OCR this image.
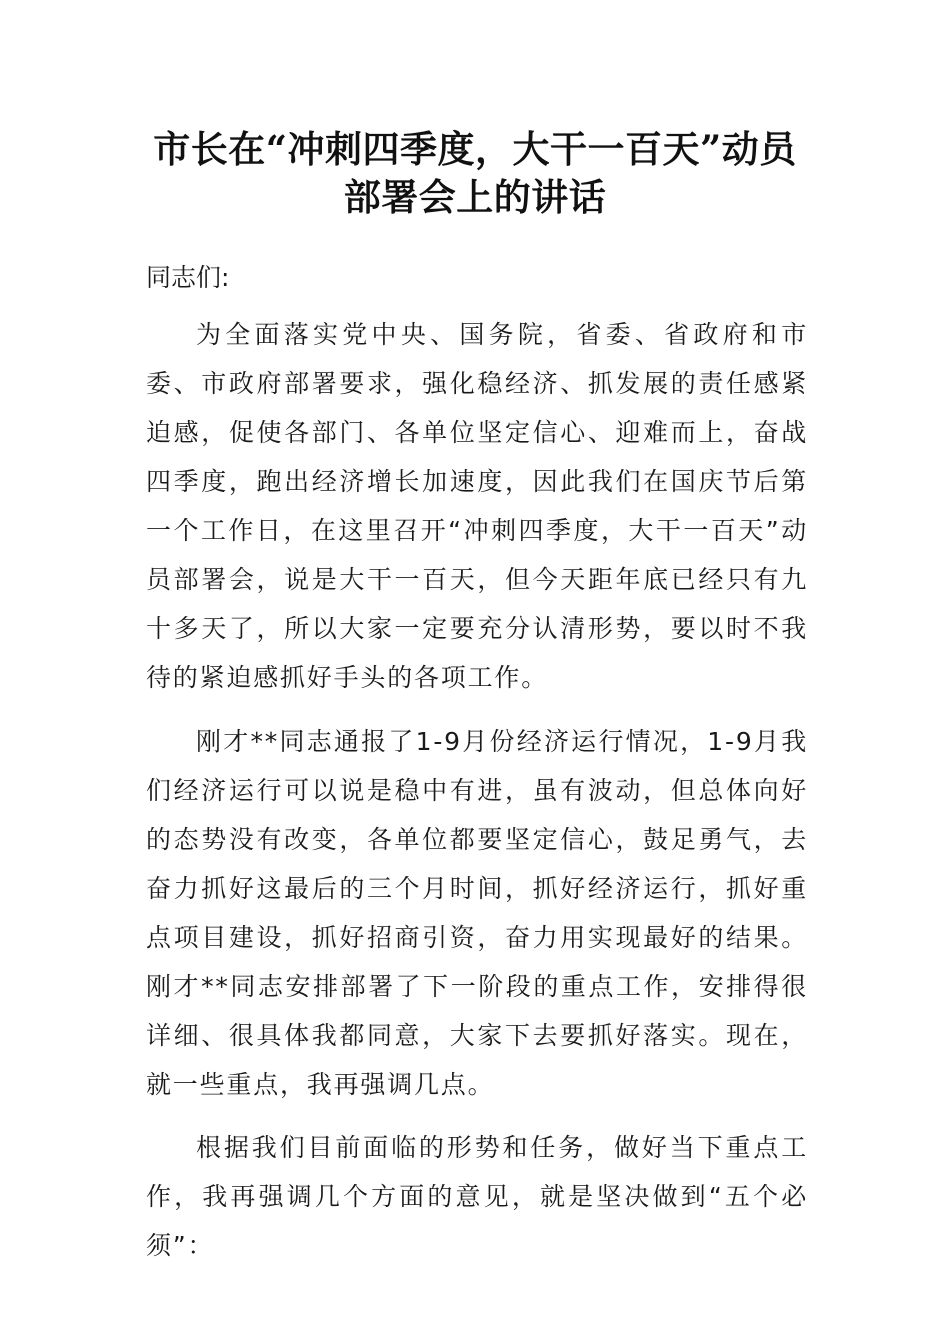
市长在“冲刺四季度，大干一百天”动员
部署会上的讲话

同志们:

为全面落实党中央、国务院，省委、省政府和市委、市政府部署要求，强化稳经济、抓发展的责任感紧迫感，促使各部门、各单位坚定信心、迎难而上，奋战四季度，跑出经济增长加速度，因此我们在国庆节后第一个工作日，在这里召开“冲刺四季度，大干一百天”动员部署会，说是大干一百天，但今天距年底已经只有九十多天了，所以大家一定要充分认清形势，要以时不我待的紧迫感抓好手头的各项工作。

刚才**同志通报了1-9月份经济运行情况，1-9月我们经济运行可以说是稳中有进，虽有波动，但总体向好的态势没有改变，各单位都要坚定信心，鼓足勇气，去奋力抓好这最后的三个月时间，抓好经济运行，抓好重点项目建设，抓好招商引资，奋力用实现最好的结果。刚才**同志安排部署了下一阶段的重点工作，安排得很详细、很具体我都同意，大家下去要抓好落实。现在，就一些重点，我再强调几点。

根据我们目前面临的形势和任务，做好当下重点工作，我再强调几个方面的意见，就是坚决做到“五个必须”：
